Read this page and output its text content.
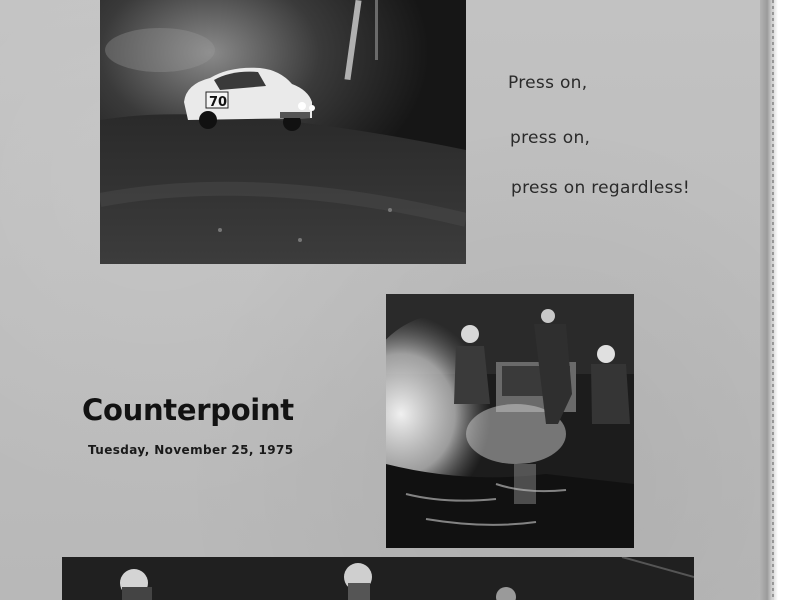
70
Press on,
press on,
press on regardless!
Counterpoint
Tuesday, November 25, 1975
